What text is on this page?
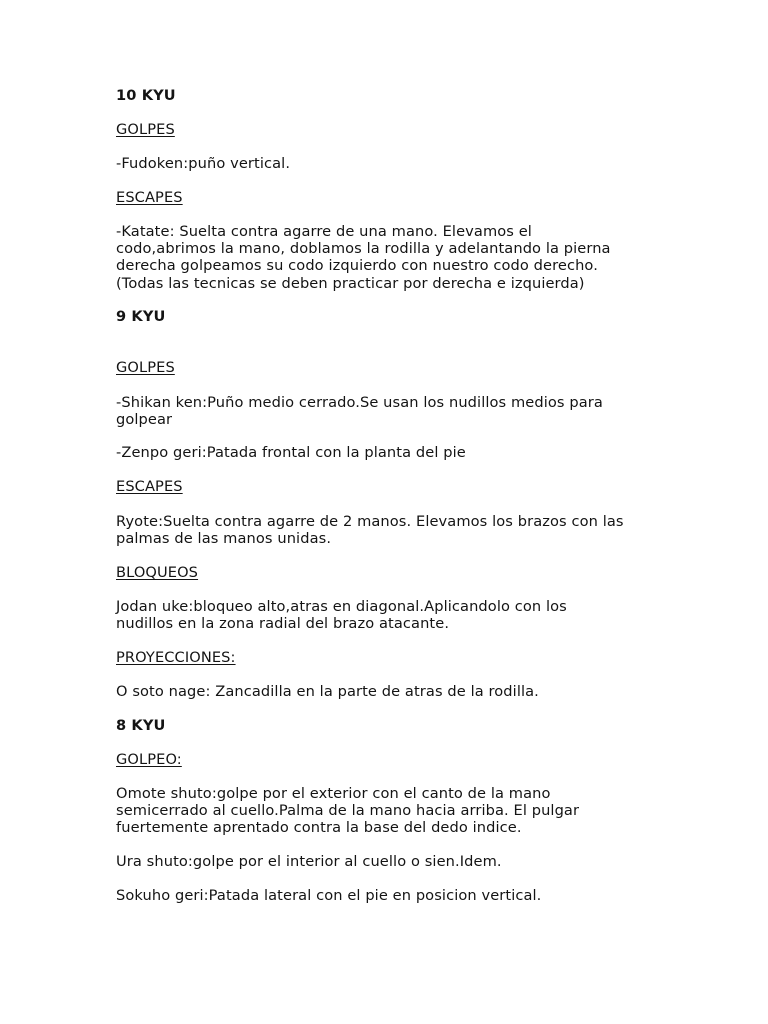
10 KYU

GOLPES

-Fudoken:puño vertical.

ESCAPES

-Katate: Suelta contra agarre de una mano. Elevamos el
codo,abrimos la mano, doblamos la rodilla y adelantando la pierna
derecha golpeamos su codo izquierdo con nuestro codo derecho.
(Todas las tecnicas se deben practicar por derecha e izquierda)

9 KYU

GOLPES

-Shikan ken:Puño medio cerrado.Se usan los nudillos medios para
golpear

-Zenpo geri:Patada frontal con la planta del pie

ESCAPES

Ryote:Suelta contra agarre de 2 manos. Elevamos los brazos con las
palmas de las manos unidas.

BLOQUEOS

Jodan uke:bloqueo alto,atras en diagonal.Aplicandolo con los
nudillos en la zona radial del brazo atacante.

PROYECCIONES:

O soto nage: Zancadilla en la parte de atras de la rodilla.

8 KYU

GOLPEO:

Omote shuto:golpe por el exterior con el canto de la mano
semicerrado al cuello.Palma de la mano hacia arriba. El pulgar
fuertemente aprentado contra la base del dedo indice.

Ura shuto:golpe por el interior al cuello o sien.Idem.

Sokuho geri:Patada lateral con el pie en posicion vertical.
